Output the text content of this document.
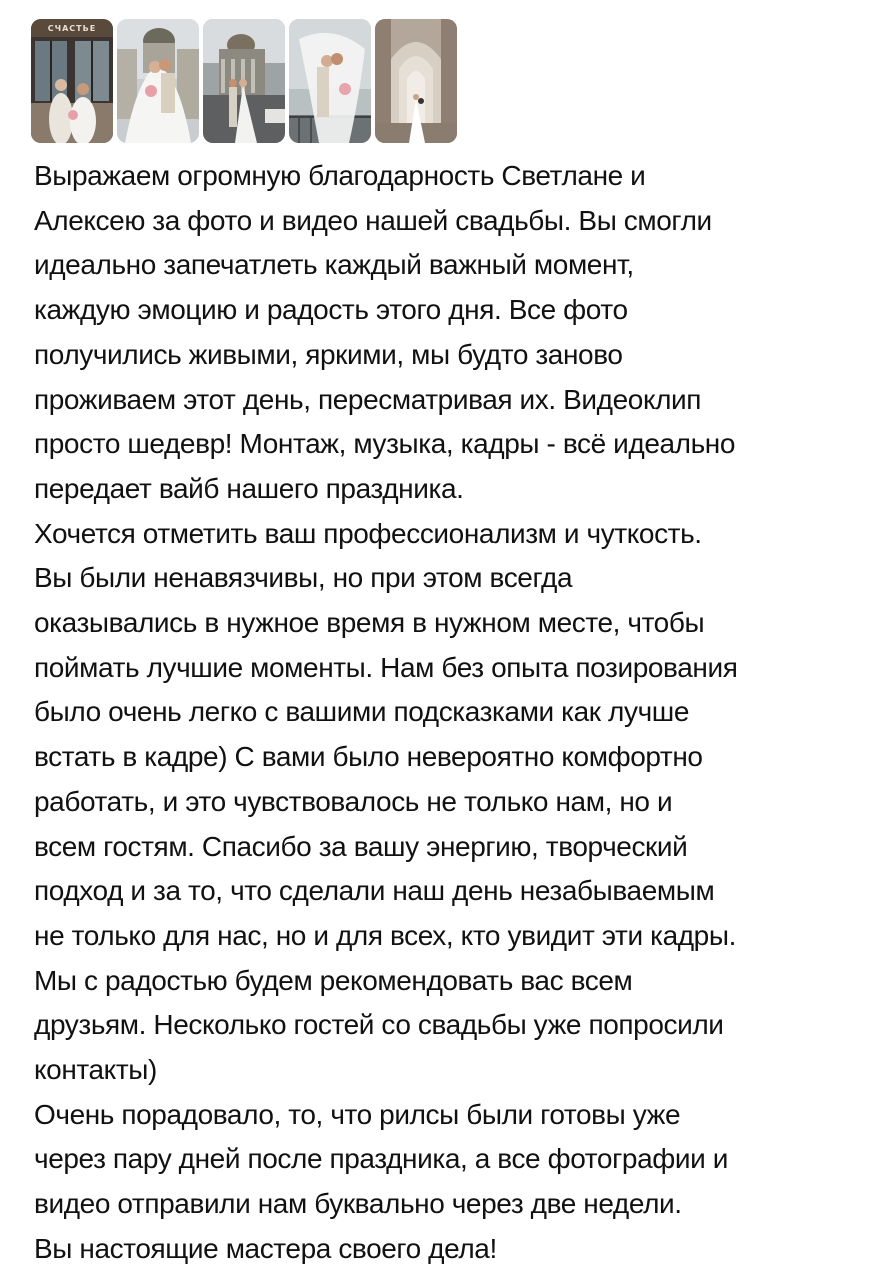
СЧАСТЬЕ
Выражаем огромную благодарность Светлане и
Алексею за фото и видео нашей свадьбы. Вы смогли
идеально запечатлеть каждый важный момент,
каждую эмоцию и радость этого дня. Все фото
получились живыми, яркими, мы будто заново
проживаем этот день, пересматривая их. Видеоклип
просто шедевр! Монтаж, музыка, кадры - всё идеально
передает вайб нашего праздника.
Хочется отметить ваш профессионализм и чуткость.
Вы были ненавязчивы, но при этом всегда
оказывались в нужное время в нужном месте, чтобы
поймать лучшие моменты. Нам без опыта позирования
было очень легко с вашими подсказками как лучше
встать в кадре) С вами было невероятно комфортно
работать, и это чувствовалось не только нам, но и
всем гостям. Спасибо за вашу энергию, творческий
подход и за то, что сделали наш день незабываемым
не только для нас, но и для всех, кто увидит эти кадры.
Мы с радостью будем рекомендовать вас всем
друзьям. Несколько гостей со свадьбы уже попросили
контакты)
Очень порадовало, то, что рилсы были готовы уже
через пару дней после праздника, а все фотографии и
видео отправили нам буквально через две недели.
Вы настоящие мастера своего дела!
